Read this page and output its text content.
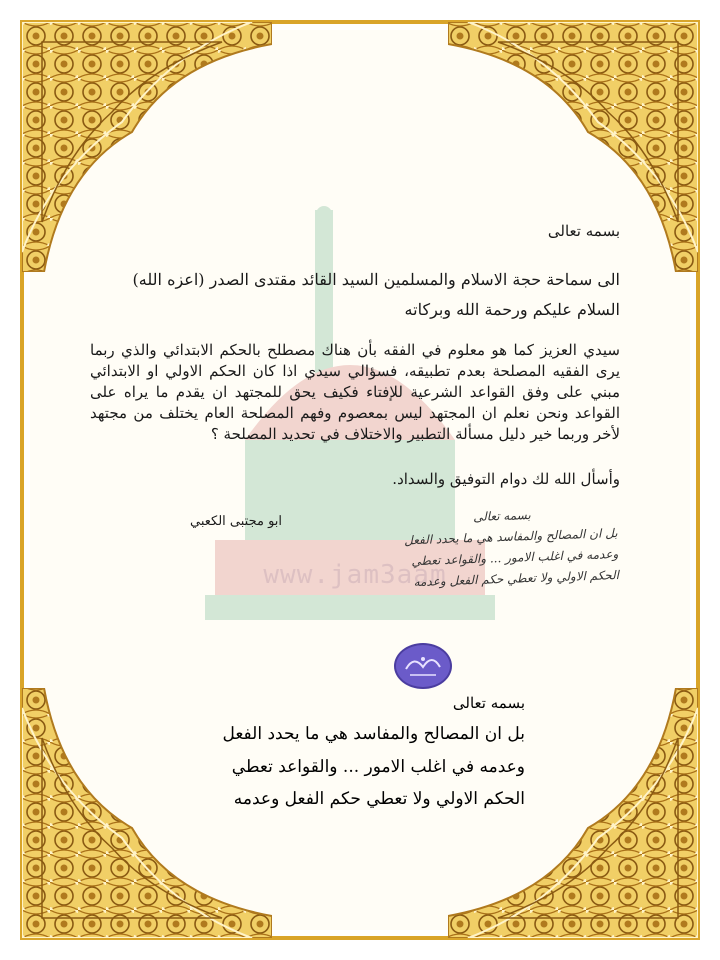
www.jam3aam
بسمه تعالى
الى سماحة حجة الاسلام والمسلمين السيد القائد مقتدى الصدر (اعزه الله)
السلام عليكم ورحمة الله وبركاته
سيدي العزيز كما هو معلوم في الفقه بأن هناك مصطلح بالحكم الابتدائي والذي ربما يرى الفقيه المصلحة بعدم تطبيقه، فسؤالي سيدي اذا كان الحكم الاولي او الابتدائي مبني على وفق القواعد الشرعية للإفتاء فكيف يحق للمجتهد ان يقدم ما يراه على القواعد ونحن نعلم ان المجتهد ليس بمعصوم وفهم المصلحة العام يختلف من مجتهد لأخر وربما خير دليل مسألة التطبير والاختلاف في تحديد المصلحة ؟
وأسأل الله لك دوام التوفيق والسداد.
ابو مجتبى الكعبي	بسمه تعالى
بل ان المصالح والمفاسد هي ما يحدد الفعل
وعدمه في اغلب الامور ... والقواعد تعطي
الحكم الاولي ولا تعطي حكم الفعل وعدمه
بسمه تعالى
بل ان المصالح والمفاسد هي ما يحدد الفعل
وعدمه في اغلب الامور ... والقواعد تعطي
الحكم الاولي ولا تعطي حكم الفعل وعدمه
